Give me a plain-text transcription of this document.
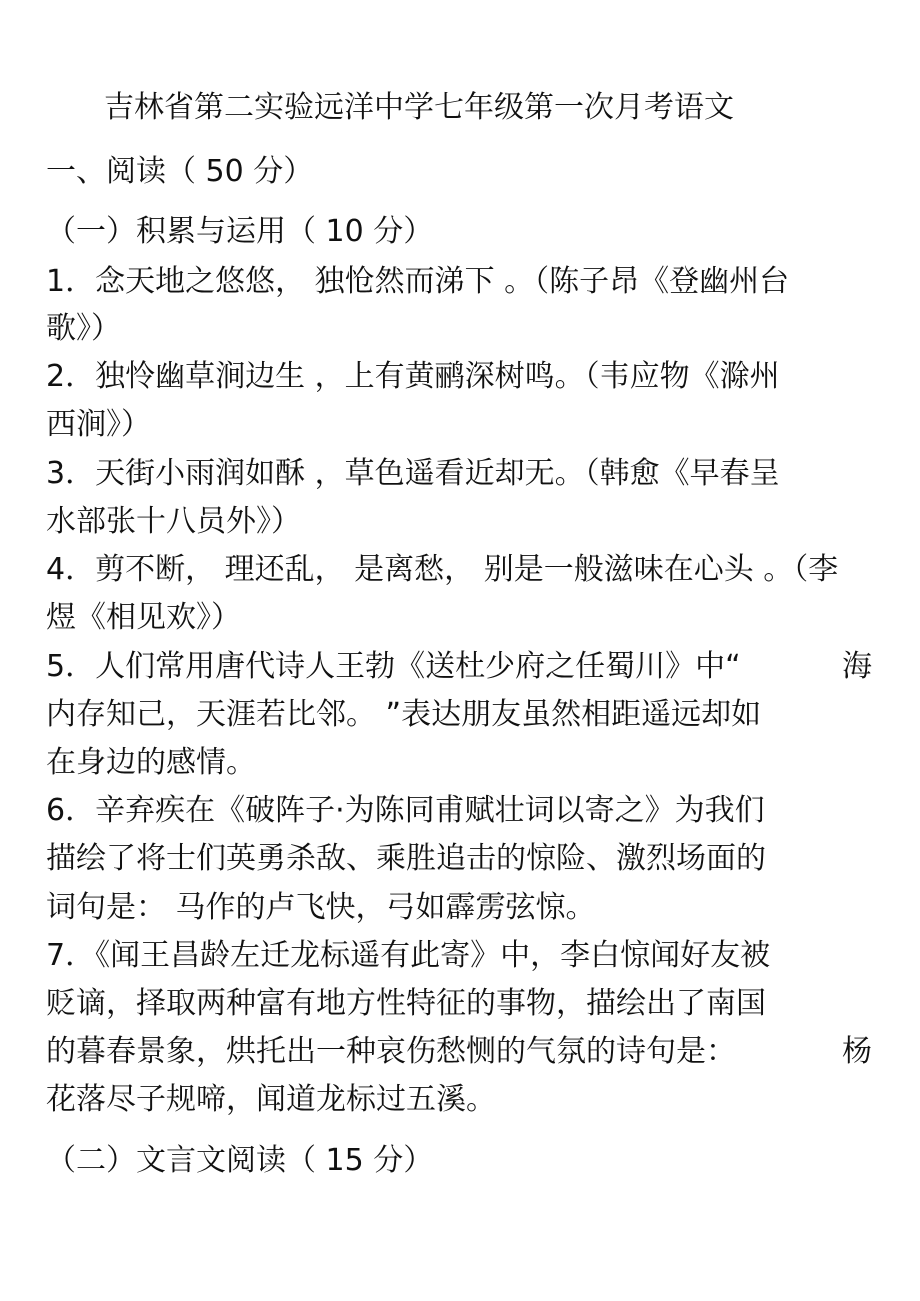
吉林省第二实验远洋中学七年级第一次月考语文
一、阅读（ 50 分）
（一）积累与运用（ 10 分）
1．念天地之悠悠， 独怆然而涕下 。（陈子昂《登幽州台
歌》）
2．独怜幽草涧边生 ，上有黄鹂深树鸣。（韦应物《滁州
西涧》）
3．天街小雨润如酥 ，草色遥看近却无。（韩愈《早春呈
水部张十八员外》）
4．剪不断， 理还乱， 是离愁， 别是一般滋味在心头 。（李
煜《相见欢》）
5．人们常用唐代诗人王勃《送杜少府之任蜀川》中“	海
内存知己，天涯若比邻。 ”表达朋友虽然相距遥远却如
在身边的感情。
6．辛弃疾在《破阵子·为陈同甫赋壮词以寄之》为我们
描绘了将士们英勇杀敌、乘胜追击的惊险、激烈场面的
词句是： 马作的卢飞快，弓如霹雳弦惊。
7．《闻王昌龄左迁龙标遥有此寄》中，李白惊闻好友被
贬谪，择取两种富有地方性特征的事物，描绘出了南国
的暮春景象，烘托出一种哀伤愁恻的气氛的诗句是：	杨
花落尽子规啼，闻道龙标过五溪。
（二）文言文阅读（ 15 分）
